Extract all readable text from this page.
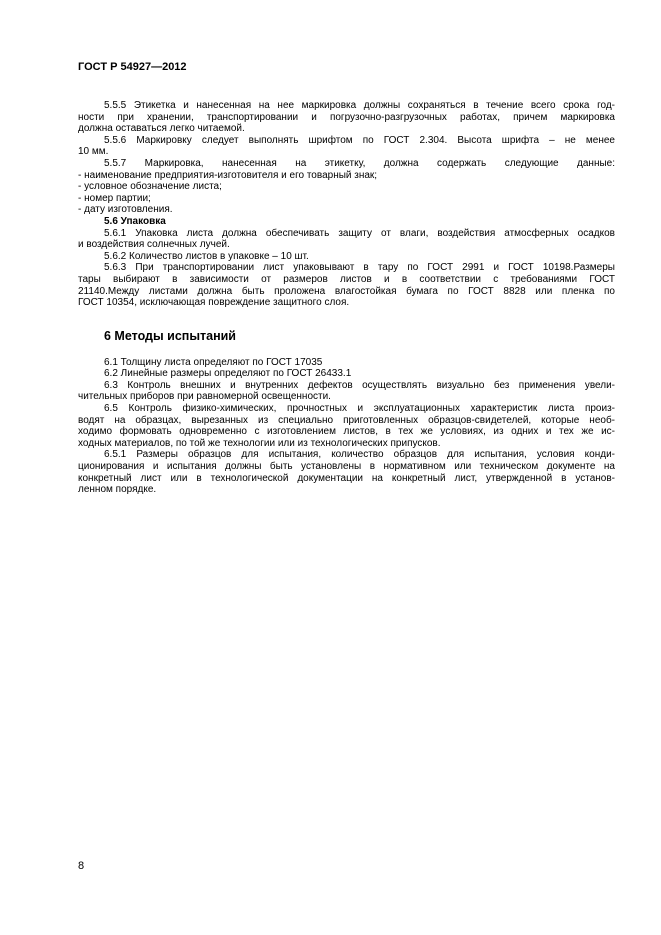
ГОСТ Р 54927—2012
5.5.5 Этикетка и нанесенная на нее маркировка должны сохраняться в течение всего срока год-
ности при хранении, транспортировании и погрузочно-разгрузочных работах, причем маркировка
должна оставаться легко читаемой.
5.5.6 Маркировку следует выполнять шрифтом по ГОСТ 2.304. Высота шрифта – не менее
10 мм.
5.5.7 Маркировка, нанесенная на этикетку, должна содержать следующие данные:
- наименование предприятия-изготовителя и его товарный знак;
- условное обозначение листа;
- номер партии;
- дату изготовления.
5.6 Упаковка
5.6.1 Упаковка листа должна обеспечивать защиту от влаги, воздействия атмосферных осадков
и воздействия солнечных лучей.
5.6.2 Количество листов в упаковке – 10 шт.
5.6.3 При транспортировании лист упаковывают в тару по ГОСТ 2991 и ГОСТ 10198.Размеры
тары выбирают в зависимости от размеров листов и в соответствии с требованиями ГОСТ
21140.Между листами должна быть проложена влагостойкая бумага по ГОСТ 8828 или пленка по
ГОСТ 10354, исключающая повреждение защитного слоя.
6 Методы испытаний
6.1 Толщину листа определяют по ГОСТ 17035
6.2 Линейные размеры определяют по ГОСТ 26433.1
6.3 Контроль внешних и внутренних дефектов осуществлять визуально без применения увели-
чительных приборов при равномерной освещенности.
6.5 Контроль физико-химических, прочностных и эксплуатационных характеристик листа произ-
водят на образцах, вырезанных из специально приготовленных образцов-свидетелей, которые необ-
ходимо формовать одновременно с изготовлением листов, в тех же условиях, из одних и тех же ис-
ходных материалов, по той же технологии или из технологических припусков.
6.5.1 Размеры образцов для испытания, количество образцов для испытания, условия конди-
ционирования и испытания должны быть установлены в нормативном или техническом документе на
конкретный лист или в технологической документации на конкретный лист, утвержденной в установ-
ленном порядке.
8
